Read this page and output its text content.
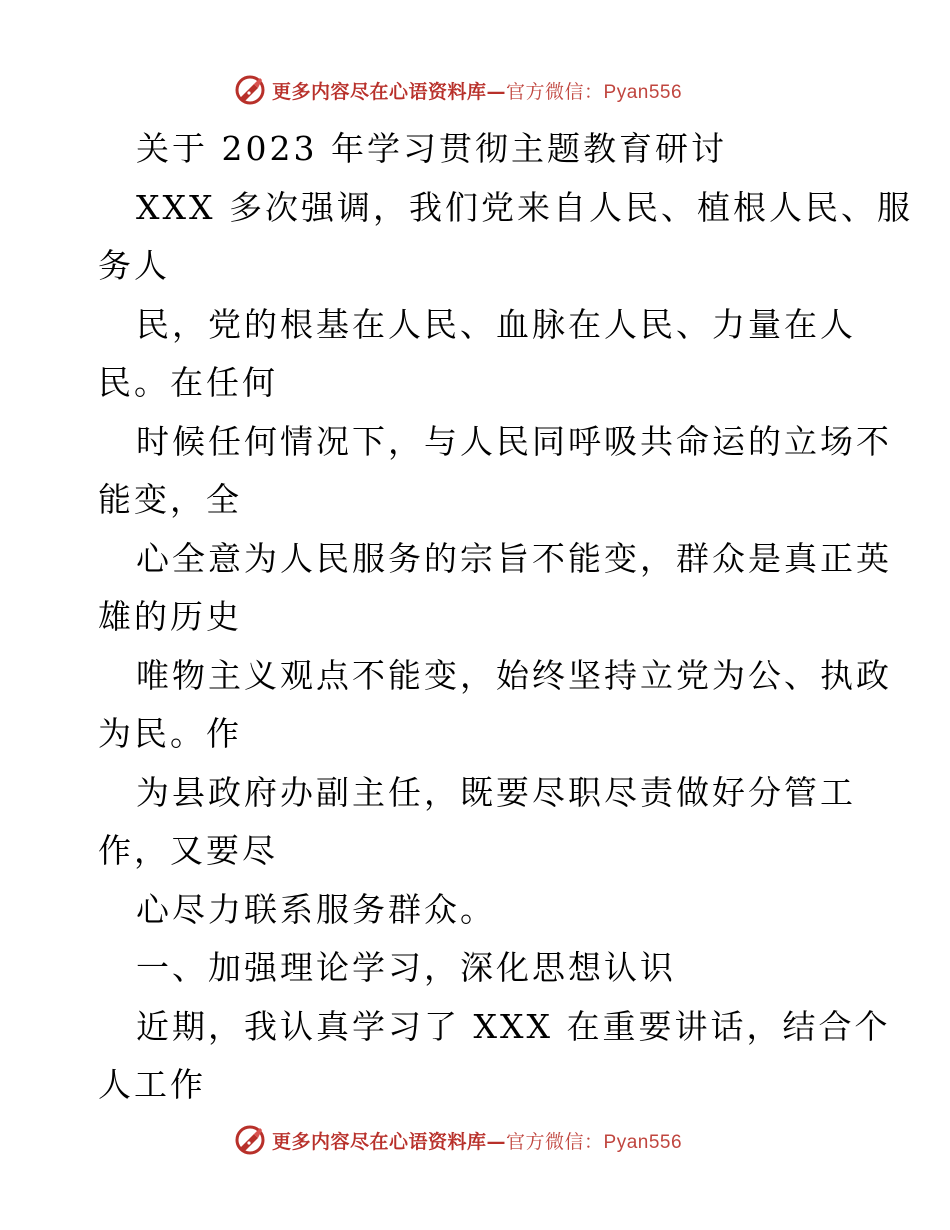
更多内容尽在心语资料库—官方微信：Pyan556
关于 2023 年学习贯彻主题教育研讨
XXX 多次强调，我们党来自人民、植根人民、服
务人
民，党的根基在人民、血脉在人民、力量在人
民。在任何
时候任何情况下，与人民同呼吸共命运的立场不
能变，全
心全意为人民服务的宗旨不能变，群众是真正英
雄的历史
唯物主义观点不能变，始终坚持立党为公、执政
为民。作
为县政府办副主任，既要尽职尽责做好分管工
作，又要尽
心尽力联系服务群众。
一、加强理论学习，深化思想认识
近期，我认真学习了 XXX 在重要讲话，结合个
人工作
更多内容尽在心语资料库—官方微信：Pyan556
